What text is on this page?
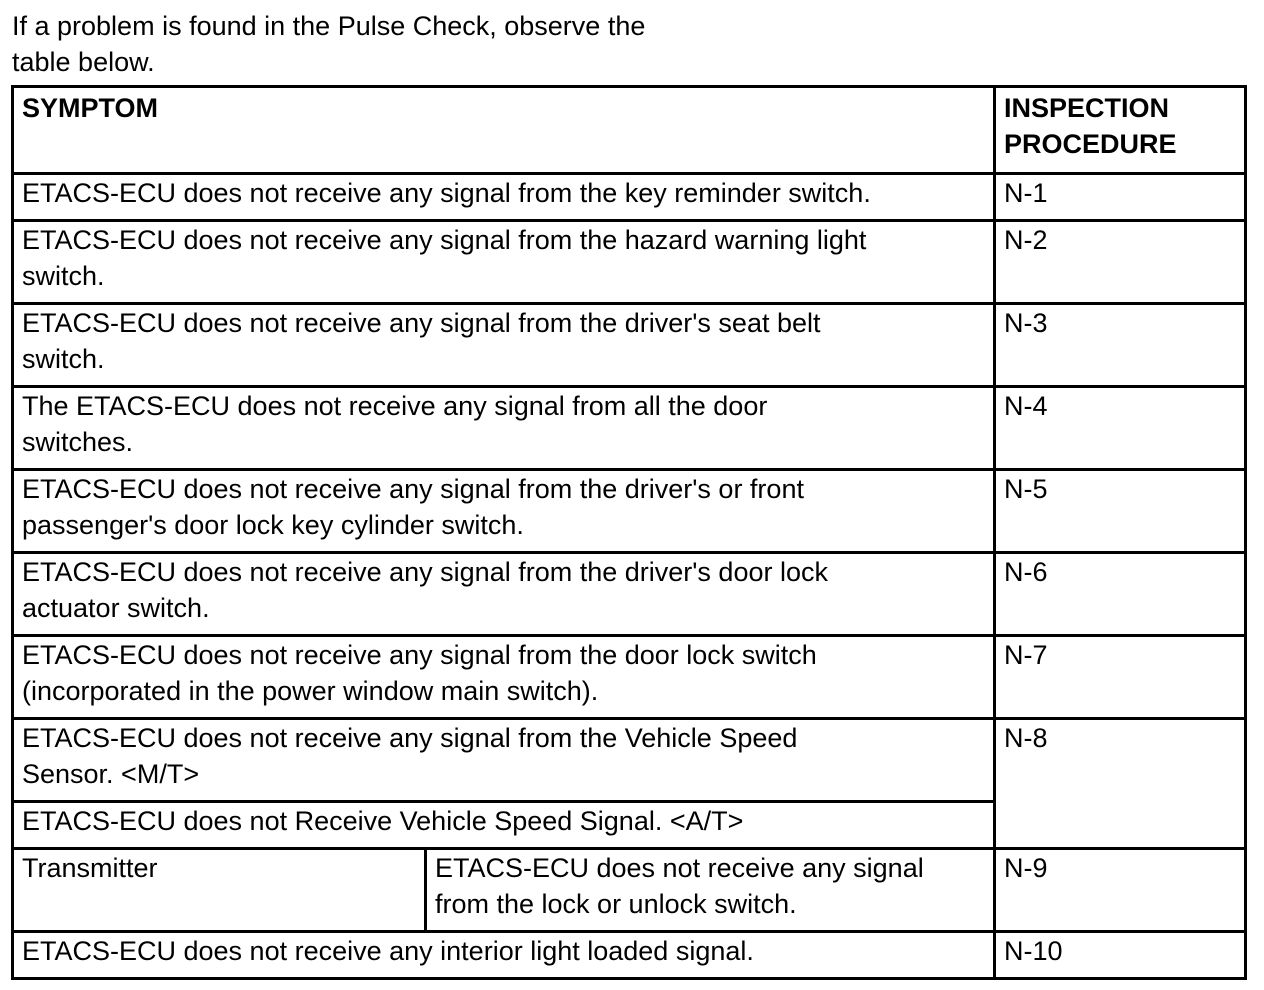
If a problem is found in the Pulse Check, observe the
table below.

SYMPTOM		INSPECTION
PROCEDURE

ETACS-ECU does not receive any signal from the key reminder switch.		N-1

ETACS-ECU does not receive any signal from the hazard warning light
switch.		N-2

ETACS-ECU does not receive any signal from the driver's seat belt
switch.		N-3

The ETACS-ECU does not receive any signal from all the door
switches.		N-4

ETACS-ECU does not receive any signal from the driver's or front
passenger's door lock key cylinder switch.		N-5

ETACS-ECU does not receive any signal from the driver's door lock
actuator switch.		N-6

ETACS-ECU does not receive any signal from the door lock switch
(incorporated in the power window main switch).		N-7

ETACS-ECU does not receive any signal from the Vehicle Speed
Sensor. <M/T>		N-8
ETACS-ECU does not Receive Vehicle Speed Signal. <A/T>		
Transmitter	ETACS-ECU does not receive any signal
from the lock or unlock switch.	N-9
ETACS-ECU does not receive any interior light loaded signal.		N-10
